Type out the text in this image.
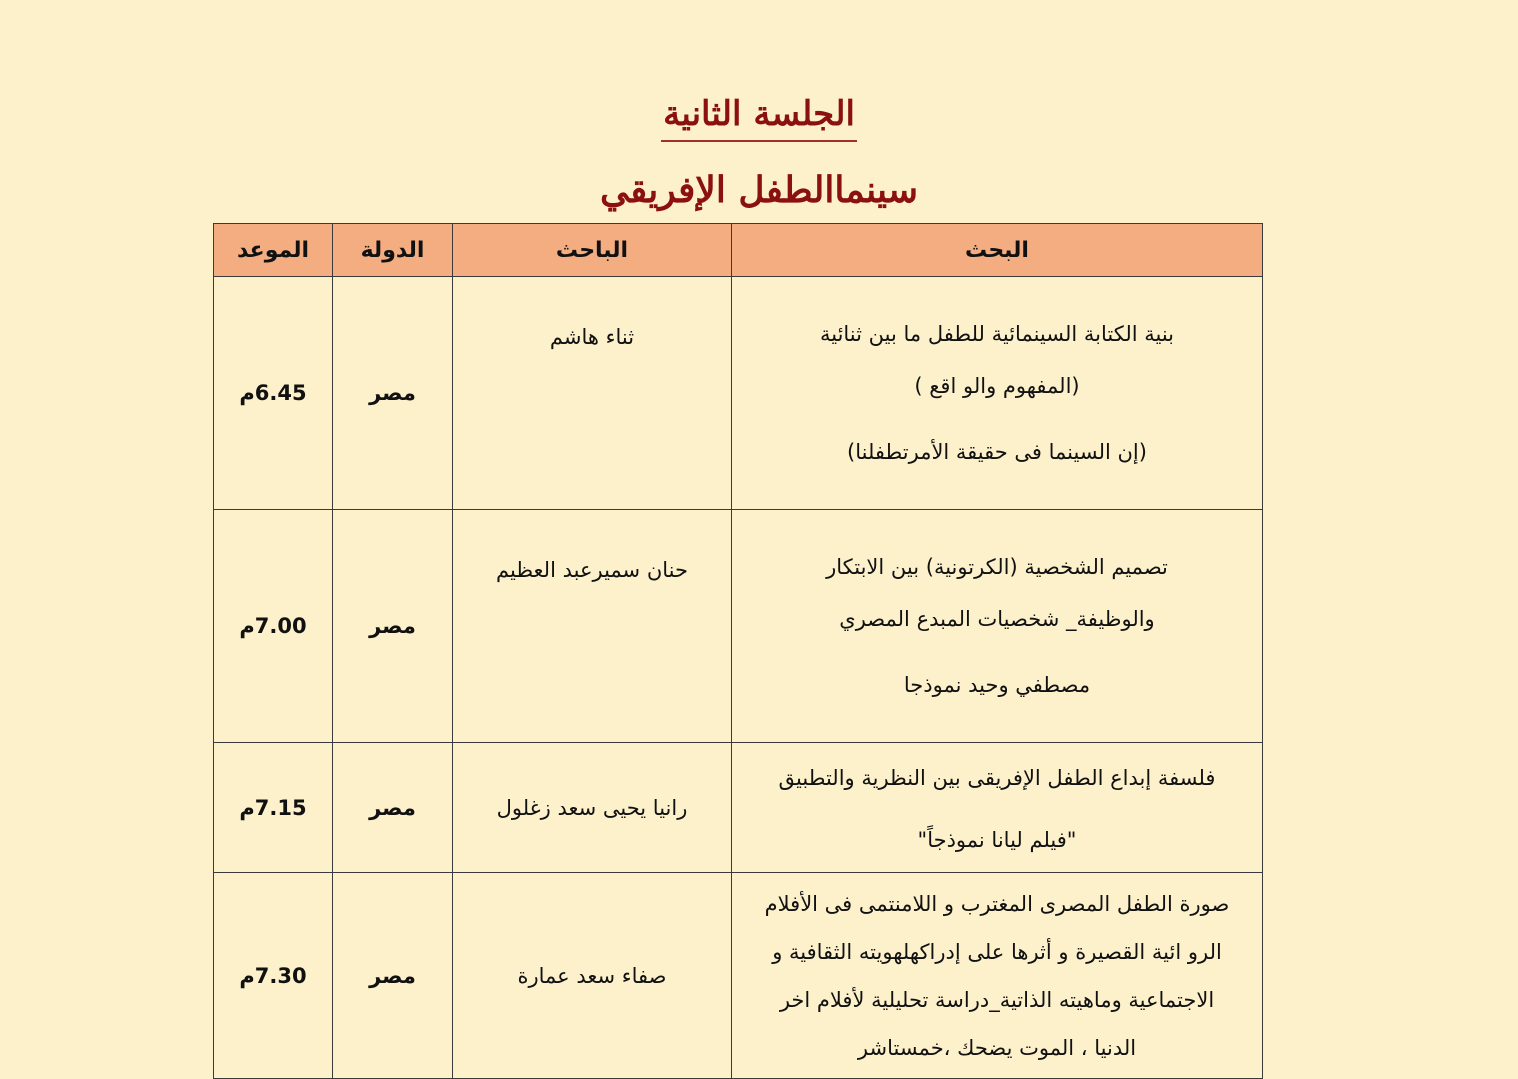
الجلسة الثانية
سينماالطفل الإفريقي
البحث	الباحث	الدولة	الموعد

بنية الكتابة السينمائية للطفل ما بين ثنائية
(المفهوم والو اقع )
(إن السينما فى حقيقة الأمرتطفلنا)	ثناء هاشم	مصر	6.45م

تصميم الشخصية (الكرتونية) بين الابتكار
والوظيفة_ شخصيات المبدع المصري
مصطفي وحيد نموذجا	حنان سميرعبد العظيم	مصر	7.00م

فلسفة إبداع الطفل الإفريقى بين النظرية والتطبيق
"فيلم ليانا نموذجاً"	رانيا يحيى سعد زغلول	مصر	7.15م

صورة الطفل المصرى المغترب و اللامنتمى فى الأفلام
الرو ائية القصيرة و أثرها على إدراكهلهويته الثقافية و
الاجتماعية وماهيته الذاتية_دراسة تحليلية لأفلام اخر
الدنيا ، الموت يضحك ،خمستاشر	صفاء سعد عمارة	مصر	7.30م
